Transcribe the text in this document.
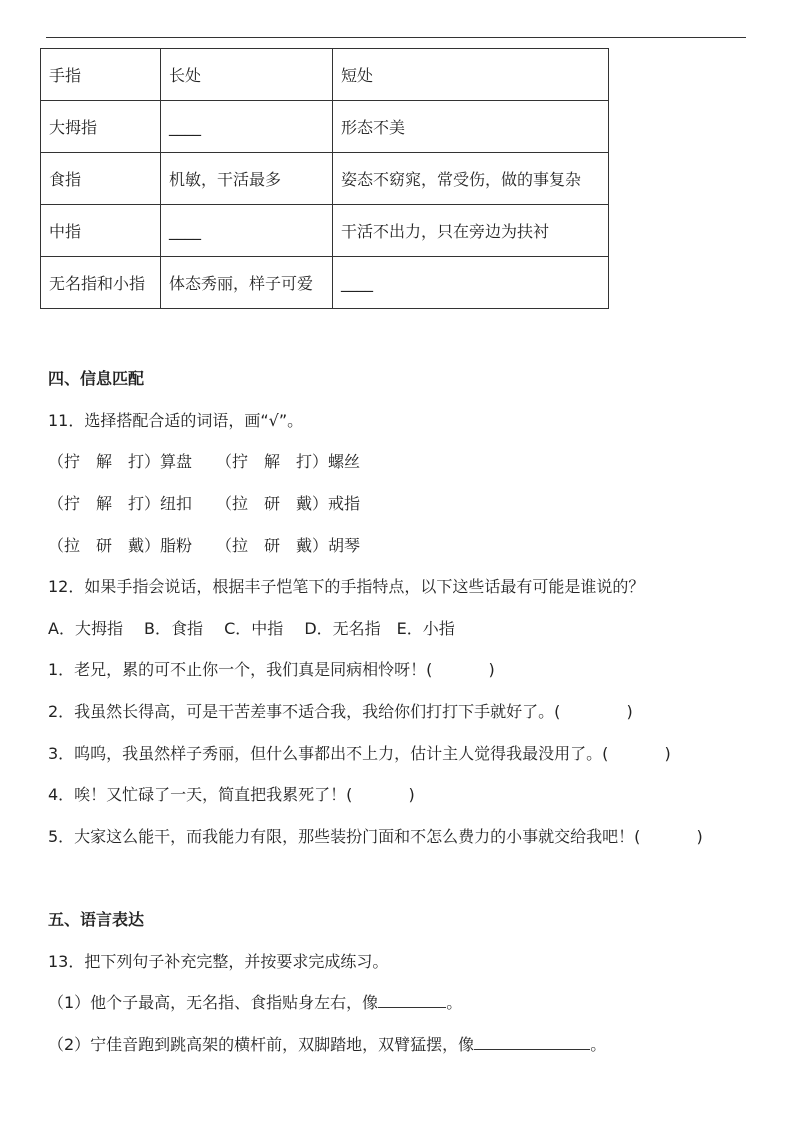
手指	长处	短处
大拇指	____	形态不美
食指	机敏，干活最多	姿态不窈窕，常受伤，做的事复杂
中指	____	干活不出力，只在旁边为扶衬
无名指和小指	体态秀丽，样子可爱	____
四、信息匹配
11．选择搭配合适的词语，画“√”。
（拧　解　打）算盘 （拧　解　打）螺丝
（拧　解　打）纽扣 （拉　研　戴）戒指
（拉　研　戴）脂粉 （拉　研　戴）胡琴
12．如果手指会说话，根据丰子恺笔下的手指特点，以下这些话最有可能是谁说的？
A．大拇指　 B．食指　 C．中指　 D．无名指　E．小指
1．老兄，累的可不止你一个，我们真是同病相怜呀！(	)
2．我虽然长得高，可是干苦差事不适合我，我给你们打打下手就好了。(	)
3．呜呜，我虽然样子秀丽，但什么事都出不上力，估计主人觉得我最没用了。(	)
4．唉！又忙碌了一天，简直把我累死了！(	)
5．大家这么能干，而我能力有限，那些装扮门面和不怎么费力的小事就交给我吧！(	)
五、语言表达
13．把下列句子补充完整，并按要求完成练习。
（1）他个子最高，无名指、食指贴身左右，像	。
（2）宁佳音跑到跳高架的横杆前，双脚踏地，双臂猛摆，像	。
